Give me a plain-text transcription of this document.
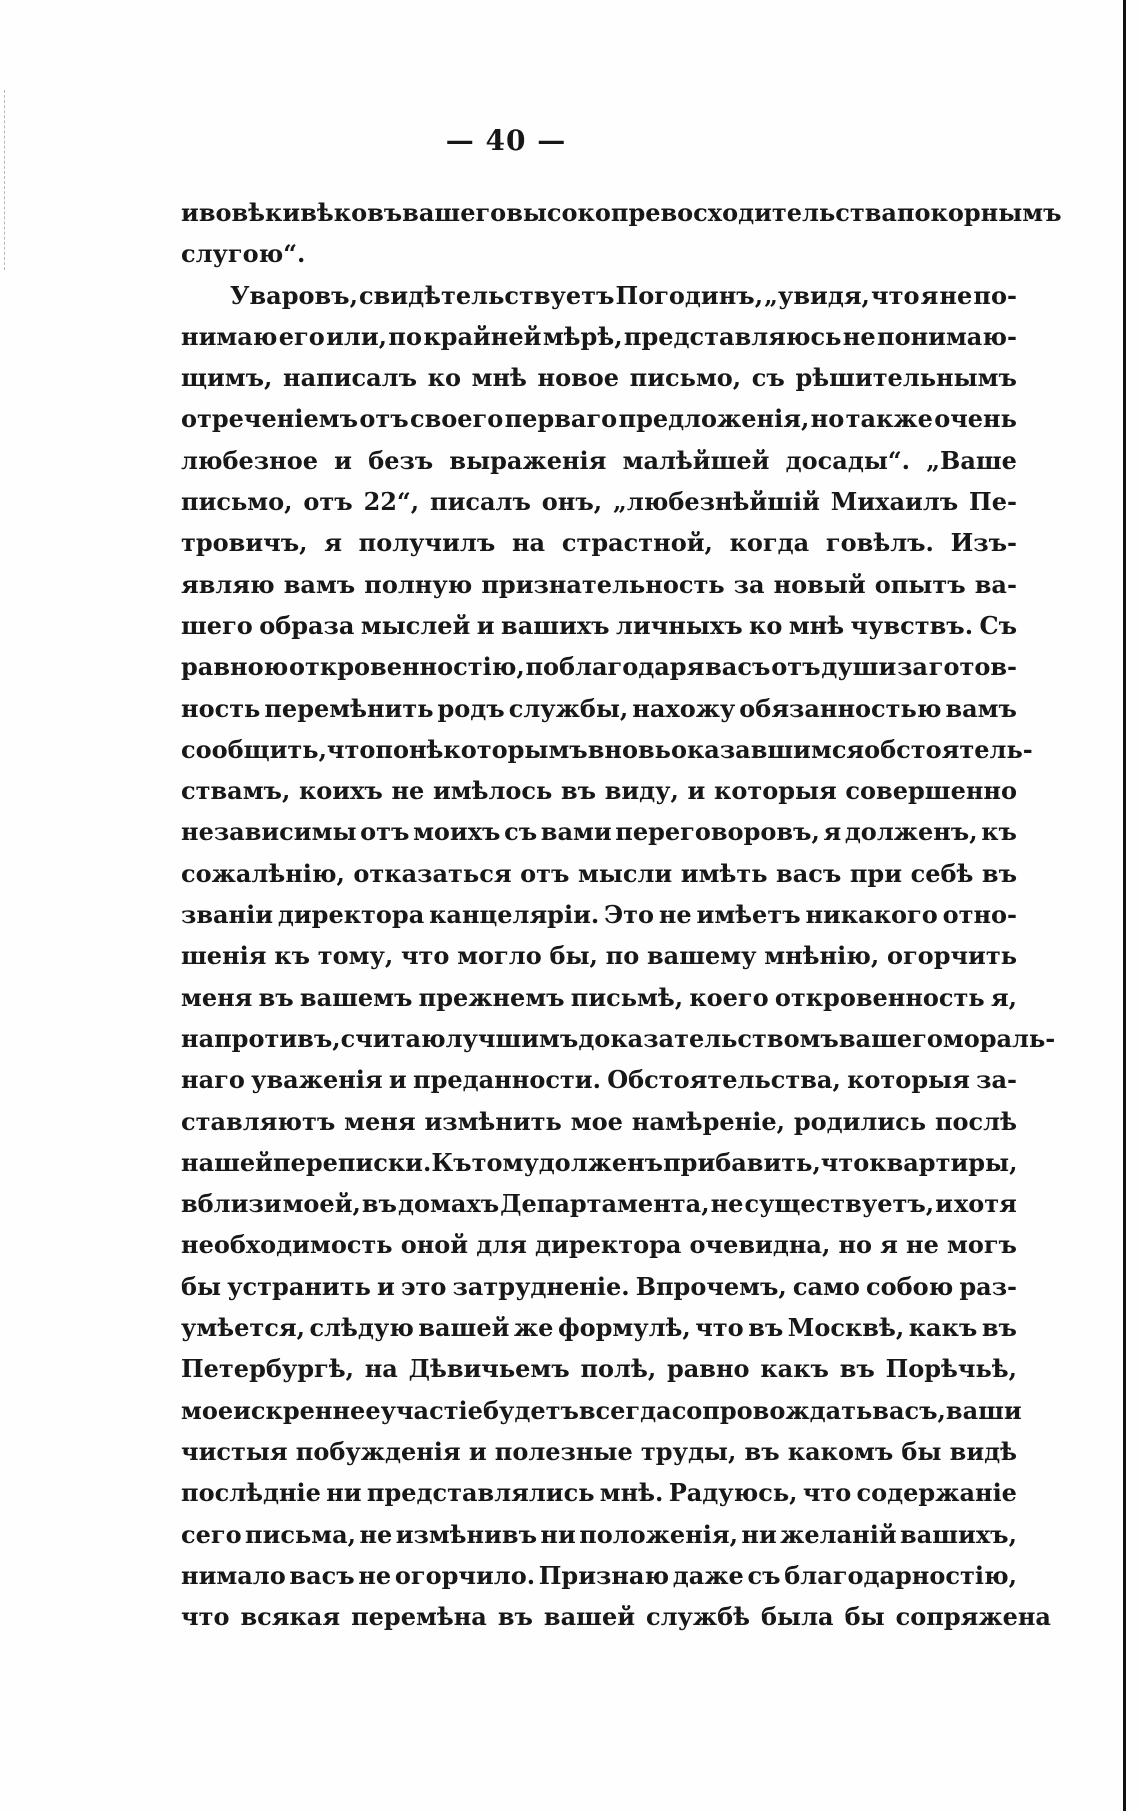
— 40 —
и во вѣки вѣковъ вашего высокопревосходительства покорнымъ
слугою“.
Уваровъ, свидѣтельствуетъ Погодинъ, „увидя, что я не по-
нимаю его или, по крайней мѣрѣ, представляюсь не понимаю-
щимъ, написалъ ко мнѣ новое письмо, съ рѣшительнымъ
отреченіемъ отъ своего перваго предложенія, но также очень
любезное и безъ выраженія малѣйшей досады“. „Ваше
письмо, отъ 22“, писалъ онъ, „любезнѣйшій Михаилъ Пе-
тровичъ, я получилъ на страстной, когда говѣлъ. Изъ-
являю вамъ полную признательность за новый опытъ ва-
шего образа мыслей и вашихъ личныхъ ко мнѣ чувствъ. Съ
равною откровенностію, поблагодаря васъ отъ души за готов-
ность перемѣнить родъ службы, нахожу обязанностью вамъ
сообщить, что по нѣкоторымъ вновь оказавшимся обстоятель-
ствамъ, коихъ не имѣлось въ виду, и которыя совершенно
независимы отъ моихъ съ вами переговоровъ, я долженъ, къ
сожалѣнію, отказаться отъ мысли имѣть васъ при себѣ въ
званіи директора канцеляріи. Это не имѣетъ никакого отно-
шенія къ тому, что могло бы, по вашему мнѣнію, огорчить
меня въ вашемъ прежнемъ письмѣ, коего откровенность я,
напротивъ, считаю лучшимъ доказательствомъ вашего мораль-
наго уваженія и преданности. Обстоятельства, которыя за-
ставляютъ меня измѣнить мое намѣреніе, родились послѣ
нашей переписки. Къ тому долженъ прибавить, что квартиры,
вблизи моей, въ домахъ Департамента, не существуетъ, и хотя
необходимость оной для директора очевидна, но я не могъ
бы устранить и это затрудненіе. Впрочемъ, само собою раз-
умѣется, слѣдую вашей же формулѣ, что въ Москвѣ, какъ въ
Петербургѣ, на Дѣвичьемъ полѣ, равно какъ въ Порѣчьѣ,
мое искреннее участіе будетъ всегда сопровождать васъ, ваши
чистыя побужденія и полезные труды, въ какомъ бы видѣ
послѣдніе ни представлялись мнѣ. Радуюсь, что содержаніе
сего письма, не измѣнивъ ни положенія, ни желаній вашихъ,
нимало васъ не огорчило. Признаю даже съ благодарностію,
что всякая перемѣна въ вашей службѣ была бы сопряжена
